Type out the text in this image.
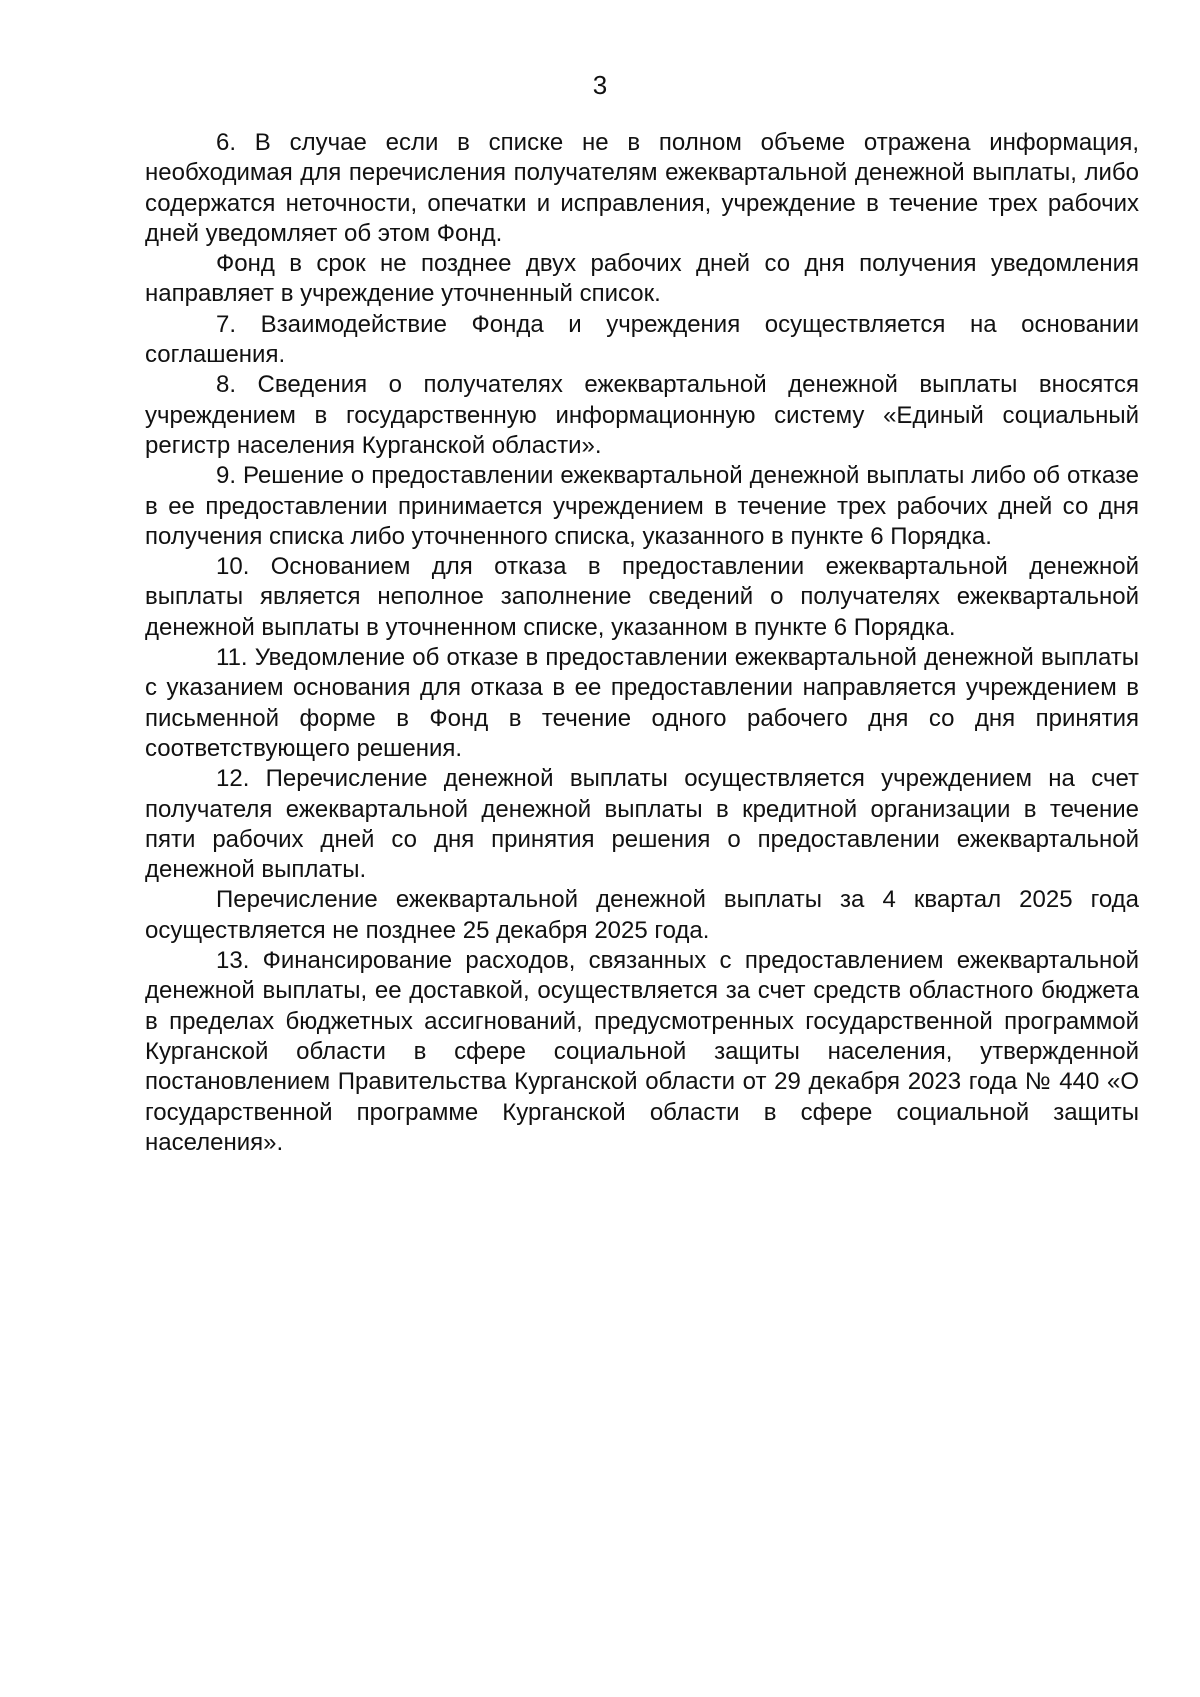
3

6. В случае если в списке не в полном объеме отражена информация, необходимая для перечисления получателям ежеквартальной денежной выплаты, либо содержатся неточности, опечатки и исправления, учреждение в течение трех рабочих дней уведомляет об этом Фонд.

Фонд в срок не позднее двух рабочих дней со дня получения уведомления направляет в учреждение уточненный список.

7. Взаимодействие Фонда и учреждения осуществляется на основании соглашения.

8. Сведения о получателях ежеквартальной денежной выплаты вносятся учреждением в государственную информационную систему «Единый социальный регистр населения Курганской области».

9. Решение о предоставлении ежеквартальной денежной выплаты либо об отказе в ее предоставлении принимается учреждением в течение трех рабочих дней со дня получения списка либо уточненного списка, указанного в пункте 6 Порядка.

10. Основанием для отказа в предоставлении ежеквартальной денежной выплаты является неполное заполнение сведений о получателях ежеквартальной денежной выплаты в уточненном списке, указанном в пункте 6 Порядка.

11. Уведомление об отказе в предоставлении ежеквартальной денежной выплаты с указанием основания для отказа в ее предоставлении направляется учреждением в письменной форме в Фонд в течение одного рабочего дня со дня принятия соответствующего решения.

12. Перечисление денежной выплаты осуществляется учреждением на счет получателя ежеквартальной денежной выплаты в кредитной организации в течение пяти рабочих дней со дня принятия решения о предоставлении ежеквартальной денежной выплаты.

Перечисление ежеквартальной денежной выплаты за 4 квартал 2025 года осуществляется не позднее 25 декабря 2025 года.

13. Финансирование расходов, связанных с предоставлением ежеквартальной денежной выплаты, ее доставкой, осуществляется за счет средств областного бюджета в пределах бюджетных ассигнований, предусмотренных государственной программой Курганской области в сфере социальной защиты населения, утвержденной постановлением Правительства Курганской области от 29 декабря 2023 года № 440 «О государственной программе Курганской области в сфере социальной защиты населения».
